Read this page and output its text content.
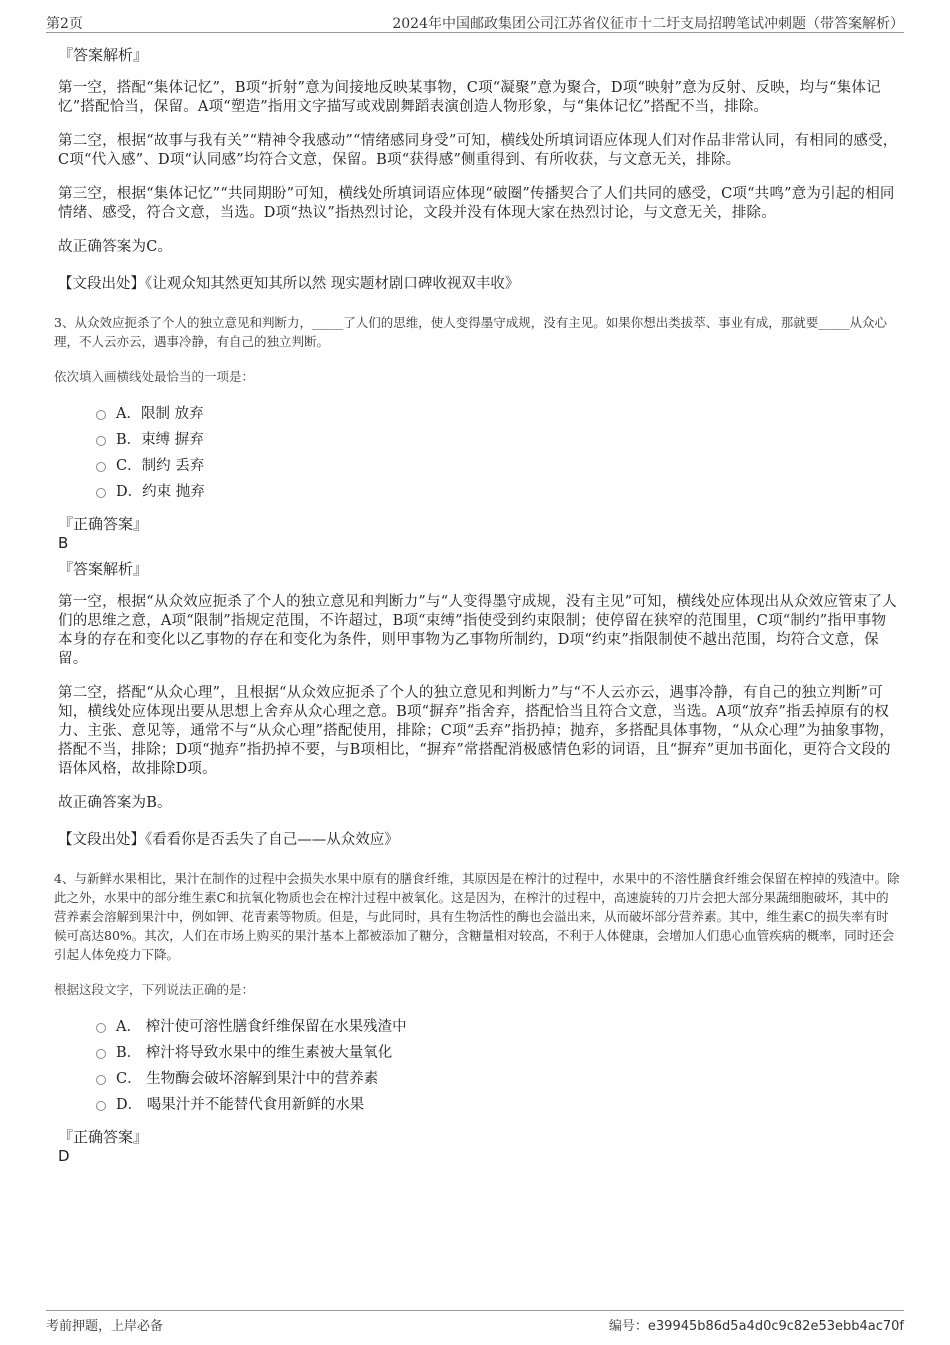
第2页	2024年中国邮政集团公司江苏省仪征市十二圩支局招聘笔试冲刺题（带答案解析）

『答案解析』

第一空，搭配“集体记忆”，B项“折射”意为间接地反映某事物，C项“凝聚”意为聚合，D项“映射”意为反射、反映，均与“集体记忆”搭配恰当，保留。A项“塑造”指用文字描写或戏剧舞蹈表演创造人物形象，与“集体记忆”搭配不当，排除。

第二空，根据“故事与我有关”“精神令我感动”“情绪感同身受”可知，横线处所填词语应体现人们对作品非常认同，有相同的感受，C项“代入感”、D项“认同感”均符合文意，保留。B项“获得感”侧重得到、有所收获，与文意无关，排除。

第三空，根据“集体记忆”“共同期盼”可知，横线处所填词语应体现“破圈”传播契合了人们共同的感受，C项“共鸣”意为引起的相同情绪、感受，符合文意，当选。D项“热议”指热烈讨论，文段并没有体现大家在热烈讨论，与文意无关，排除。

故正确答案为C。

【文段出处】《让观众知其然更知其所以然 现实题材剧口碑收视双丰收》

3、从众效应扼杀了个人的独立意见和判断力，_____了人们的思维，使人变得墨守成规，没有主见。如果你想出类拔萃、事业有成，那就要_____从众心理，不人云亦云，遇事冷静，有自己的独立判断。

依次填入画横线处最恰当的一项是：

A．限制 放弃
B．束缚 摒弃
C．制约 丢弃
D．约束 抛弃

『正确答案』

B

『答案解析』

第一空，根据“从众效应扼杀了个人的独立意见和判断力”与“人变得墨守成规，没有主见”可知，横线处应体现出从众效应管束了人们的思维之意，A项“限制”指规定范围，不许超过，B项“束缚”指使受到约束限制；使停留在狭窄的范围里，C项“制约”指甲事物本身的存在和变化以乙事物的存在和变化为条件，则甲事物为乙事物所制约，D项“约束”指限制使不越出范围，均符合文意，保留。

第二空，搭配“从众心理”，且根据“从众效应扼杀了个人的独立意见和判断力”与“不人云亦云，遇事冷静，有自己的独立判断”可知，横线处应体现出要从思想上舍弃从众心理之意。B项“摒弃”指舍弃，搭配恰当且符合文意，当选。A项“放弃”指丢掉原有的权力、主张、意见等，通常不与“从众心理”搭配使用，排除；C项“丢弃”指扔掉；抛弃，多搭配具体事物，“从众心理”为抽象事物，搭配不当，排除；D项“抛弃”指扔掉不要，与B项相比，“摒弃”常搭配消极感情色彩的词语，且“摒弃”更加书面化，更符合文段的语体风格，故排除D项。

故正确答案为B。

【文段出处】《看看你是否丢失了自己——从众效应》

4、与新鲜水果相比，果汁在制作的过程中会损失水果中原有的膳食纤维，其原因是在榨汁的过程中，水果中的不溶性膳食纤维会保留在榨掉的残渣中。除此之外，水果中的部分维生素C和抗氧化物质也会在榨汁过程中被氧化。这是因为，在榨汁的过程中，高速旋转的刀片会把大部分果蔬细胞破坏，其中的营养素会溶解到果汁中，例如钾、花青素等物质。但是，与此同时，具有生物活性的酶也会溢出来，从而破坏部分营养素。其中，维生素C的损失率有时候可高达80%。其次，人们在市场上购买的果汁基本上都被添加了糖分，含糖量相对较高，不利于人体健康，会增加人们患心血管疾病的概率，同时还会引起人体免疫力下降。

根据这段文字，下列说法正确的是：

A． 榨汁使可溶性膳食纤维保留在水果残渣中
B． 榨汁将导致水果中的维生素被大量氧化
C． 生物酶会破坏溶解到果汁中的营养素
D． 喝果汁并不能替代食用新鲜的水果

『正确答案』

D

考前押题，上岸必备	编号：e39945b86d5a4d0c9c82e53ebb4ac70f
